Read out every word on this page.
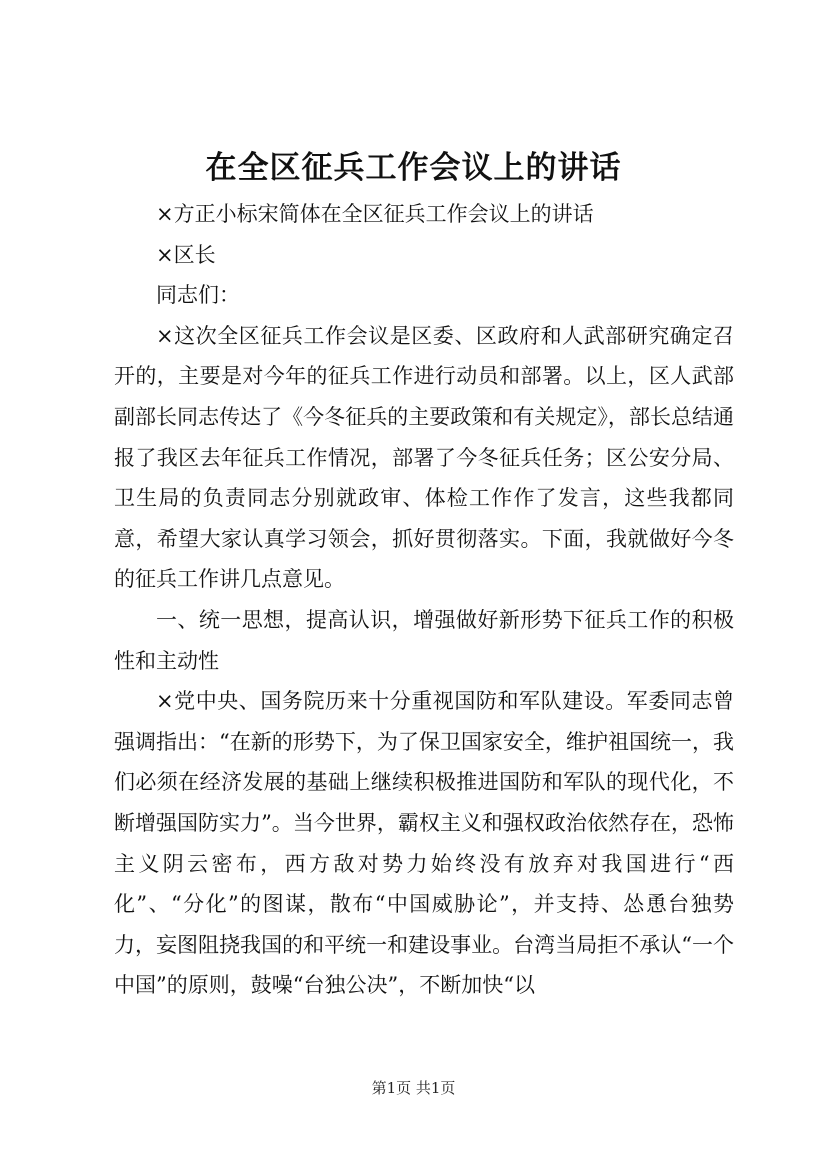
在全区征兵工作会议上的讲话

×方正小标宋简体在全区征兵工作会议上的讲话

×区长

同志们：

×这次全区征兵工作会议是区委、区政府和人武部研究确定召开的，主要是对今年的征兵工作进行动员和部署。以上，区人武部副部长同志传达了《今冬征兵的主要政策和有关规定》，部长总结通报了我区去年征兵工作情况，部署了今冬征兵任务；区公安分局、卫生局的负责同志分别就政审、体检工作作了发言，这些我都同意，希望大家认真学习领会，抓好贯彻落实。下面，我就做好今冬的征兵工作讲几点意见。

一、统一思想，提高认识，增强做好新形势下征兵工作的积极性和主动性

×党中央、国务院历来十分重视国防和军队建设。军委同志曾强调指出：“在新的形势下，为了保卫国家安全，维护祖国统一，我们必须在经济发展的基础上继续积极推进国防和军队的现代化，不断增强国防实力”。当今世界，霸权主义和强权政治依然存在，恐怖主义阴云密布，西方敌对势力始终没有放弃对我国进行“西化”、“分化”的图谋，散布“中国威胁论”，并支持、怂恿台独势力，妄图阻挠我国的和平统一和建设事业。台湾当局拒不承认“一个中国”的原则，鼓噪“台独公决”，不断加快“以

第1页 共1页
